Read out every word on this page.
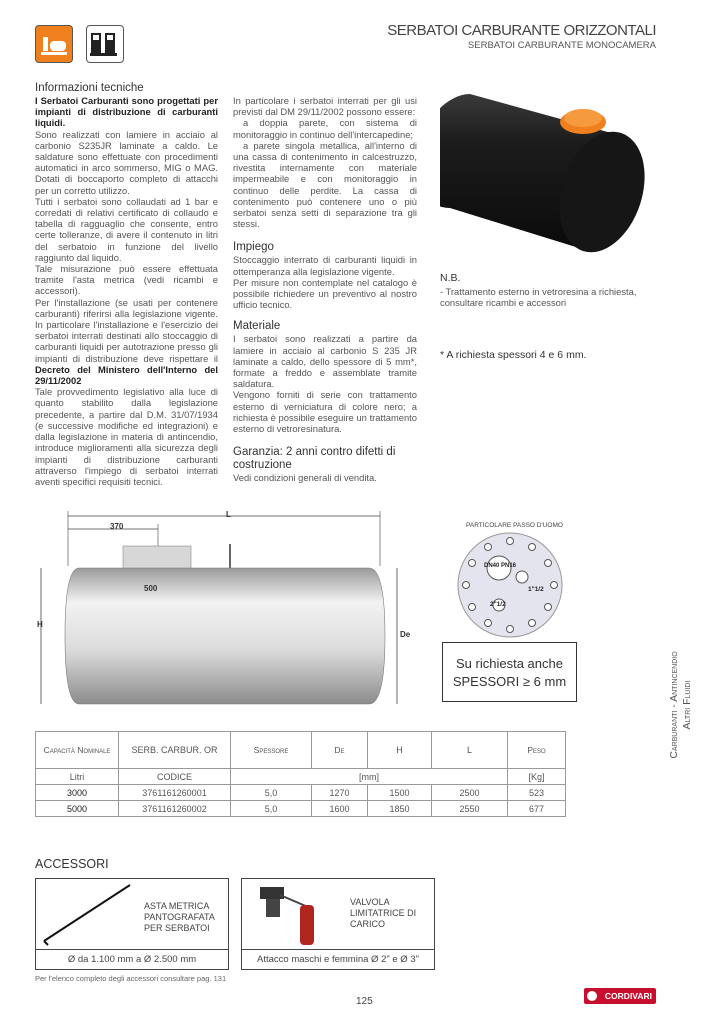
SERBATOI CARBURANTE ORIZZONTALI
SERBATOI CARBURANTE MONOCAMERA

Informazioni tecniche

I Serbatoi Carburanti sono progettati per impianti di distribuzione di carburanti liquidi.

Sono realizzati con lamiere in acciaio al carbonio S235JR laminate a caldo. Le saldature sono effettuate con procedimenti automatici in arco sommerso, MIG o MAG. Dotati di boccaporto completo di attacchi per un corretto utilizzo.

Tutti i serbatoi sono collaudati ad 1 bar e corredati di relativi certificato di collaudo e tabella di ragguaglio che consente, entro certe tolleranze, di avere il contenuto in litri del serbatoio in funzione del livello raggiunto dal liquido.

Tale misurazione può essere effettuata tramite l'asta metrica (vedi ricambi e accessori).

Per l'installazione (se usati per contenere carburanti) riferirsi alla legislazione vigente. In particolare l'installazione e l'esercizio dei serbatoi interrati destinati allo stoccaggio di carburanti liquidi per autotrazione presso gli impianti di distribuzione deve rispettare il Decreto del Ministero dell'Interno del 29/11/2002

Tale provvedimento legislativo alla luce di quanto stabilito dalla legislazione precedente, a partire dal D.M. 31/07/1934 (e successive modifiche ed integrazioni) e dalla legislazione in materia di antincendio, introduce miglioramenti alla sicurezza degli impianti di distribuzione carburanti attraverso l'impiego di serbatoi interrati aventi specifici requisiti tecnici.

In particolare i serbatoi interrati per gli usi previsti dal DM 29/11/2002 possono essere:

a doppia parete, con sistema di monitoraggio in continuo dell'intercapedine;

a parete singola metallica, all'interno di una cassa di contenimento in calcestruzzo, rivestita internamente con materiale impermeabile e con monitoraggio in continuo delle perdite. La cassa di contenimento può contenere uno o più serbatoi senza setti di separazione tra gli stessi.

Impiego

Stoccaggio interrato di carburanti liquidi in ottemperanza alla legislazione vigente.

Per misure non contemplate nel catalogo è possibile richiedere un preventivo al nostro ufficio tecnico.

Materiale

I serbatoi sono realizzati a partire da lamiere in acciaio al carbonio S 235 JR laminate a caldo, dello spessore di 5 mm*, formate a freddo e assemblate tramite saldatura.

Vengono forniti di serie con trattamento esterno di verniciatura di colore nero; a richiesta è possibile eseguire un trattamento esterno di vetroresinatura.

Garanzia: 2 anni contro difetti di costruzione

Vedi condizioni generali di vendita.

N.B.
- Trattamento esterno in vetroresina a richiesta, consultare ricambi e accessori
* A richiesta spessori 4 e 6 mm.
L
370
500
H
De
PARTICOLARE PASSO D'UOMO
DN40 PN16
1"1/2
2"1/2
Su richiesta anche
SPESSORI ≥ 6 mm	Carburanti - Antincendio Altri Fluidi
Capacità Nominale	SERB. CARBUR. OR	Spessore	De	H	L	Peso
Litri	CODICE	[mm]				[Kg]
3000	3761161260001	5,0	1270	1500	2500	523
5000	3761161260002	5,0	1600	1850	2550	677
ACCESSORI
ASTA METRICA PANTOGRAFATA PER SERBATOI
Ø da 1.100 mm a Ø 2.500 mm
VALVOLA LIMITATRICE DI CARICO
Attacco maschi e femmina Ø 2" e Ø 3"
Per l'elenco completo degli accessori consultare pag. 131
125	CORDIVARI
